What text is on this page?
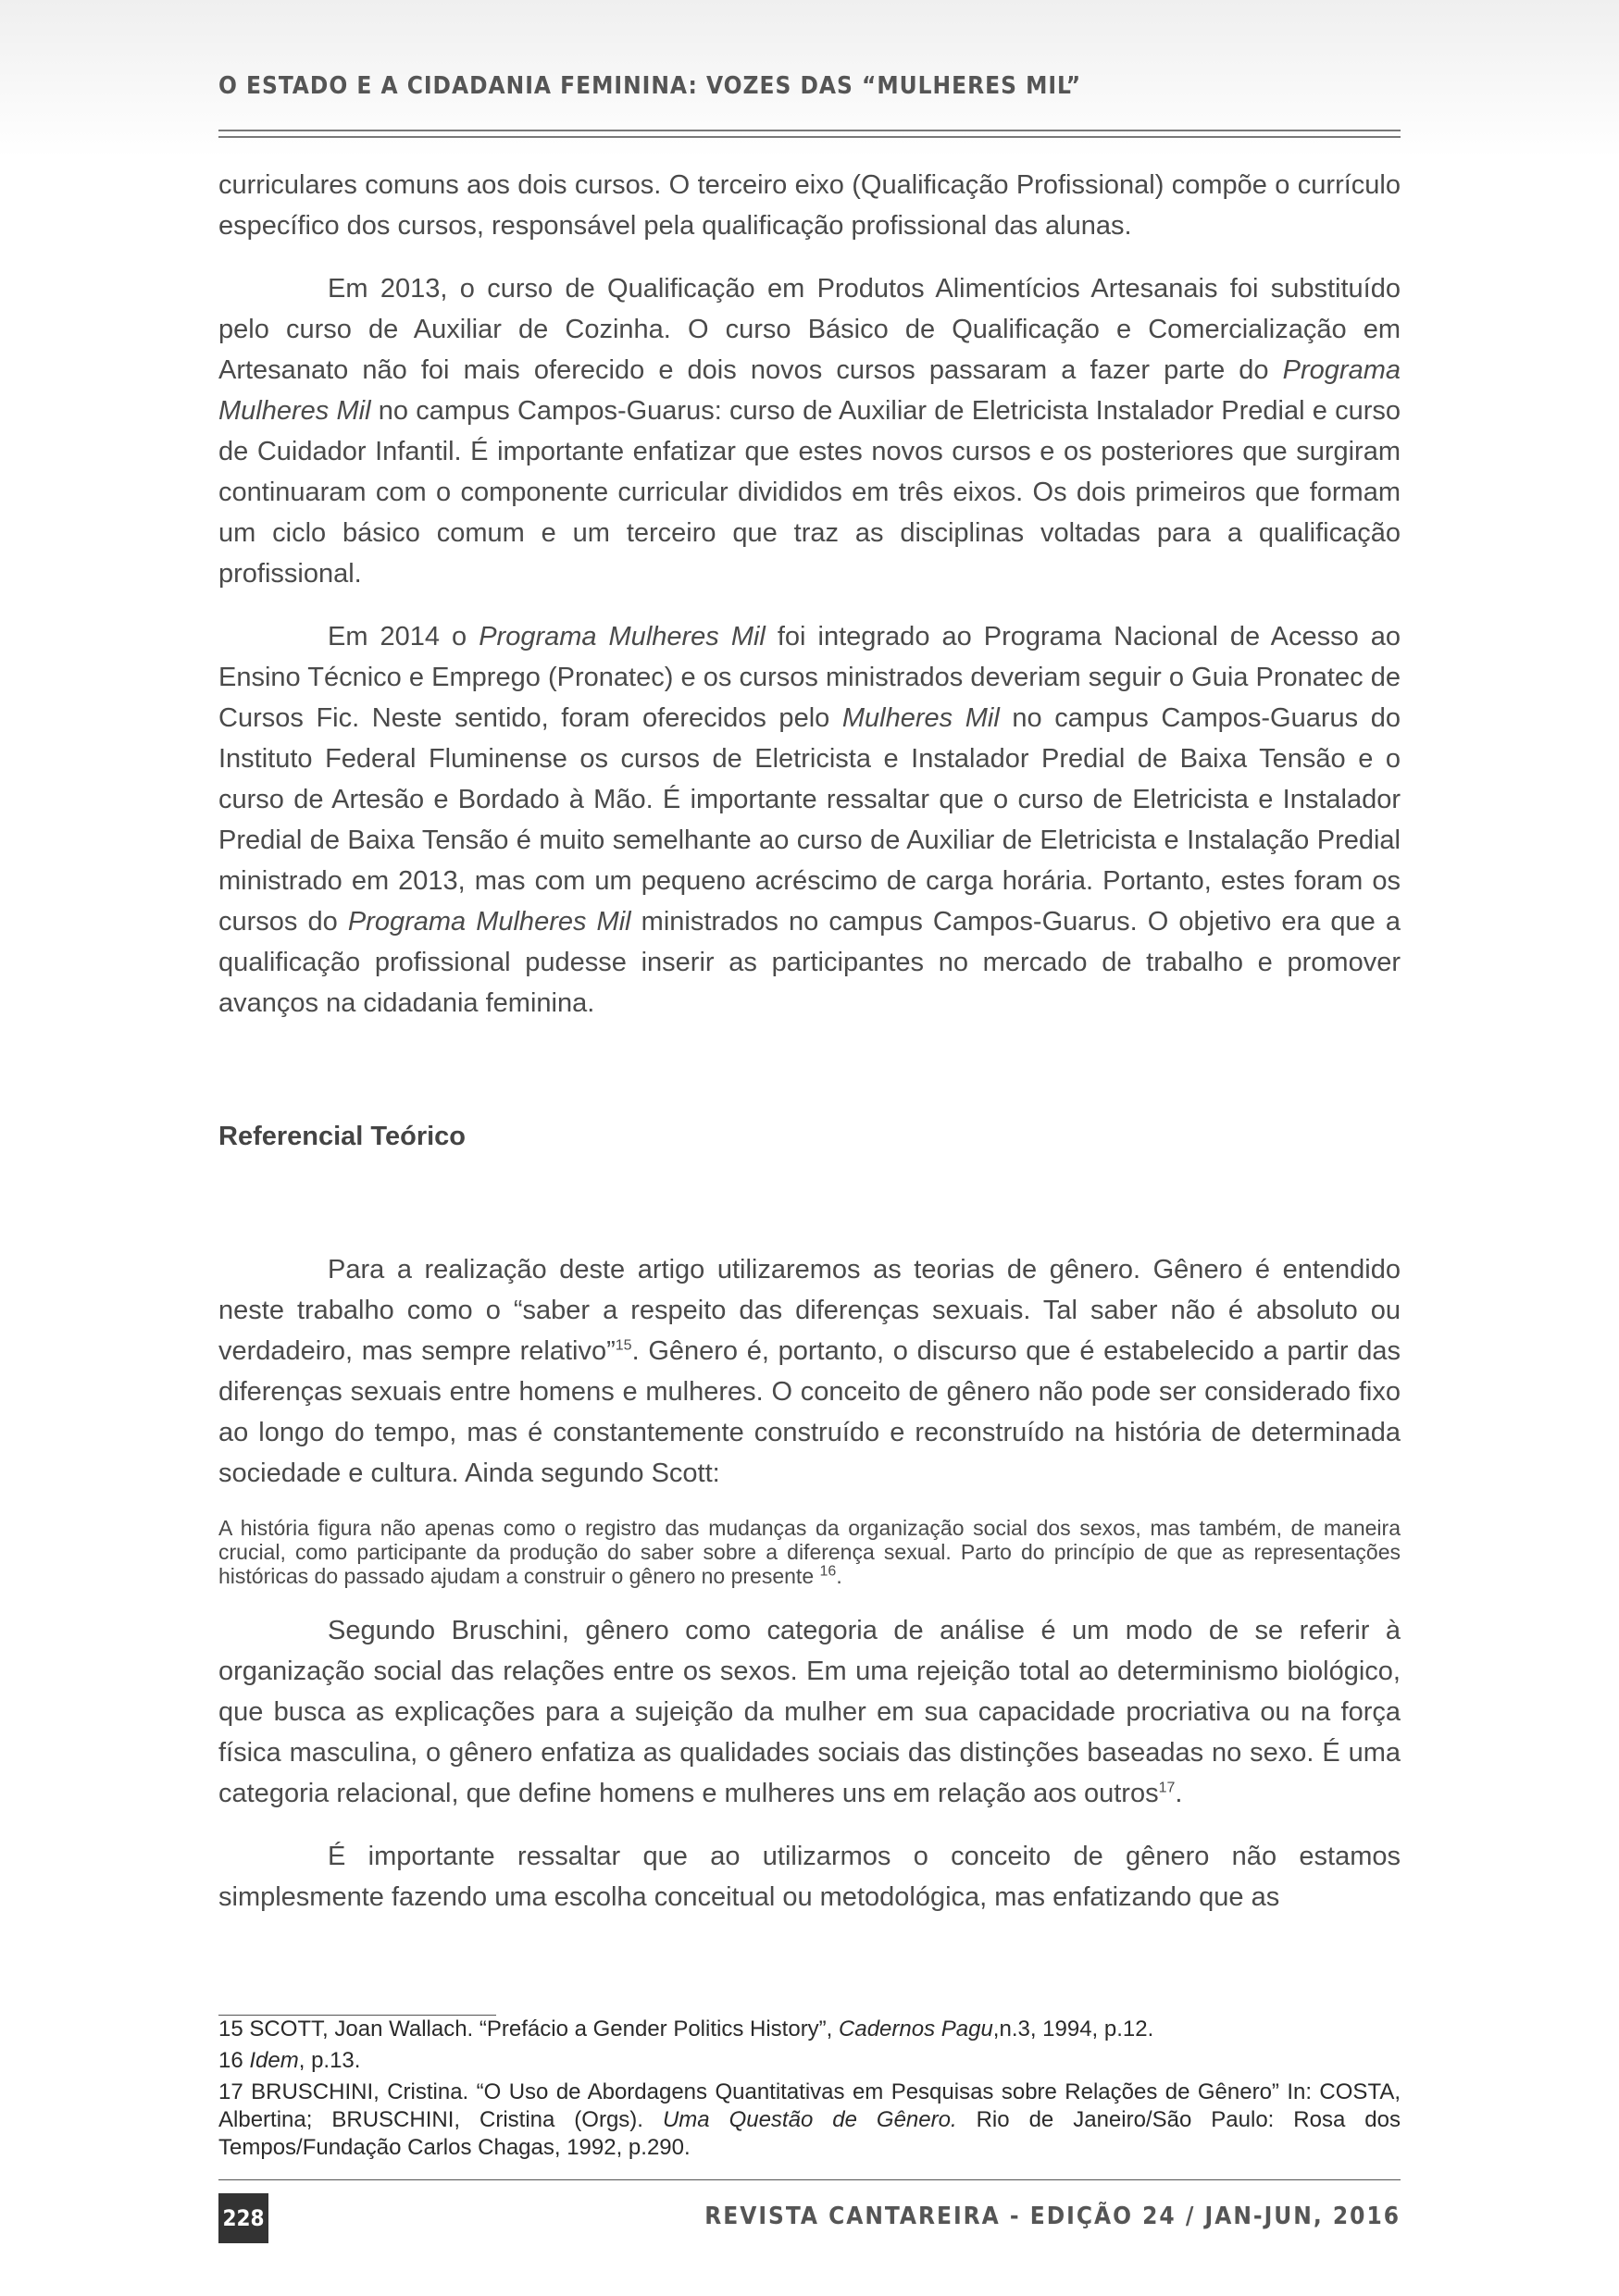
O ESTADO E A CIDADANIA FEMININA: VOZES DAS “MULHERES MIL”

curriculares comuns aos dois cursos. O terceiro eixo (Qualificação Profissional) compõe o currículo específico dos cursos, responsável pela qualificação profissional das alunas.

Em 2013, o curso de Qualificação em Produtos Alimentícios Artesanais foi substituído pelo curso de Auxiliar de Cozinha. O curso Básico de Qualificação e Comercialização em Artesanato não foi mais oferecido e dois novos cursos passaram a fazer parte do Programa Mulheres Mil no campus Campos-Guarus: curso de Auxiliar de Eletricista Instalador Predial e curso de Cuidador Infantil. É importante enfatizar que estes novos cursos e os posteriores que surgiram continuaram com o componente curricular divididos em três eixos. Os dois primeiros que formam um ciclo básico comum e um terceiro que traz as disciplinas voltadas para a qualificação profissional.

Em 2014 o Programa Mulheres Mil foi integrado ao Programa Nacional de Acesso ao Ensino Técnico e Emprego (Pronatec) e os cursos ministrados deveriam seguir o Guia Pronatec de Cursos Fic. Neste sentido, foram oferecidos pelo Mulheres Mil no campus Campos-Guarus do Instituto Federal Fluminense os cursos de Eletricista e Instalador Predial de Baixa Tensão e o curso de Artesão e Bordado à Mão. É importante ressaltar que o curso de Eletricista e Instalador Predial de Baixa Tensão é muito semelhante ao curso de Auxiliar de Eletricista e Instalação Predial ministrado em 2013, mas com um pequeno acréscimo de carga horária. Portanto, estes foram os cursos do Programa Mulheres Mil ministrados no campus Campos-Guarus. O objetivo era que a qualificação profissional pudesse inserir as participantes no mercado de trabalho e promover avanços na cidadania feminina.

Referencial Teórico

Para a realização deste artigo utilizaremos as teorias de gênero. Gênero é entendido neste trabalho como o “saber a respeito das diferenças sexuais. Tal saber não é absoluto ou verdadeiro, mas sempre relativo”$^{15}$. Gênero é, portanto, o discurso que é estabelecido a partir das diferenças sexuais entre homens e mulheres. O conceito de gênero não pode ser considerado fixo ao longo do tempo, mas é constantemente construído e reconstruído na história de determinada sociedade e cultura. Ainda segundo Scott:

A história figura não apenas como o registro das mudanças da organização social dos sexos, mas também, de maneira crucial, como participante da produção do saber sobre a diferença sexual. Parto do princípio de que as representações históricas do passado ajudam a construir o gênero no presente $^{16}$.

Segundo Bruschini, gênero como categoria de análise é um modo de se referir à organização social das relações entre os sexos. Em uma rejeição total ao determinismo biológico, que busca as explicações para a sujeição da mulher em sua capacidade procriativa ou na força física masculina, o gênero enfatiza as qualidades sociais das distinções baseadas no sexo. É uma categoria relacional, que define homens e mulheres uns em relação aos outros$^{17}$.

É importante ressaltar que ao utilizarmos o conceito de gênero não estamos simplesmente fazendo uma escolha conceitual ou metodológica, mas enfatizando que as

15 SCOTT, Joan Wallach. “Prefácio a Gender Politics History”, Cadernos Pagu,n.3, 1994, p.12.

16 Idem, p.13.

17 BRUSCHINI, Cristina. “O Uso de Abordagens Quantitativas em Pesquisas sobre Relações de Gênero” In: COSTA, Albertina; BRUSCHINI, Cristina (Orgs). Uma Questão de Gênero. Rio de Janeiro/São Paulo: Rosa dos Tempos/Fundação Carlos Chagas, 1992, p.290.

228	REVISTA CANTAREIRA - EDIÇÃO 24 / JAN-JUN, 2016
